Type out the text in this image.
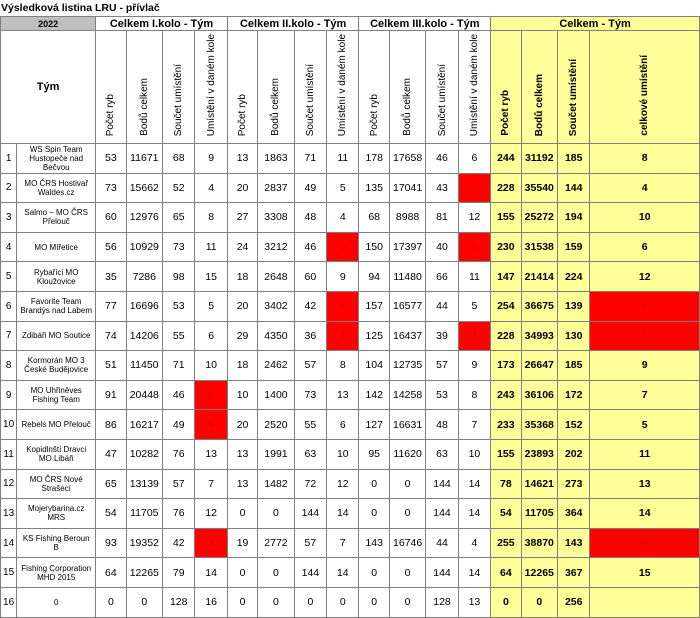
Výsledková listina LRU - přívlač
2022		Celkem I.kolo - Tým				Celkem II.kolo - Tým				Celkem III.kolo - Tým				Celkem - Tým			
Tým		Počet ryb	Bodů celkem	Součet umístění	Umístění v daném kole	Počet ryb	Bodů celkem	Součet umístění	Umístění v daném kole	Počet ryb	Bodů celkem	Součet umístění	Umístění v daném kole	Počet ryb	Bodů celkem	Součet umístění	celkové umístění
1	WS Spin Team Hustopeče nad Bečvou	53	11671	68	9	13	1863	71	11	178	17658	46	6	244	31192	185	8
2	MO ČRS Hostivař Waldes.cz	73	15662	52	4	20	2837	49	5	135	17041	43	3	228	35540	144	4
3	Salmo – MO ČRS Přelouč	60	12976	65	8	27	3308	48	4	68	8988	81	12	155	25272	194	10
4	MO Mířetice	56	10929	73	11	24	3212	46	3	150	17397	40	2	230	31538	159	6
5	Rybaříci MO Kloužovice	35	7286	98	15	18	2648	60	9	94	11480	66	11	147	21414	224	12
6	Favorite Team Brandýs nad Labem	77	16696	53	5	20	3402	42	2	157	16577	44	5	254	36675	139	2
7	Zdibáři MO Soutice	74	14206	55	6	29	4350	36	1	125	16437	39	1	228	34993	130	1
8	Kormorán MO 3 České Budějovice	51	11450	71	10	18	2462	57	8	104	12735	57	9	173	26647	185	9
9	MO Uhřiněves Fishing Team	91	20448	46	2	10	1400	73	13	142	14258	53	8	243	36106	172	7
10	Rebels MO Přelouč	86	16217	49	3	20	2520	55	6	127	16631	48	7	233	35368	152	5
11	Kopidlnští Dravci MO Libáň	47	10282	76	13	13	1991	63	10	95	11620	63	10	155	23893	202	11
12	MO ČRS Nové Strašecí	65	13139	57	7	13	1482	72	12	0	0	144	14	78	14621	273	13
13	Mojerybarina.cz MRS	54	11705	76	12	0	0	144	14	0	0	144	14	54	11705	364	14
14	KS Fishing Beroun B	93	19352	42	1	19	2772	57	7	143	16746	44	4	255	38870	143	3
15	Fishing Corporation MHD 2015	64	12265	79	14	0	0	144	14	0	0	144	14	64	12265	367	15
16	0	0	0	128	16	0	0	0	0	0	0	128	13	0	0	256	
